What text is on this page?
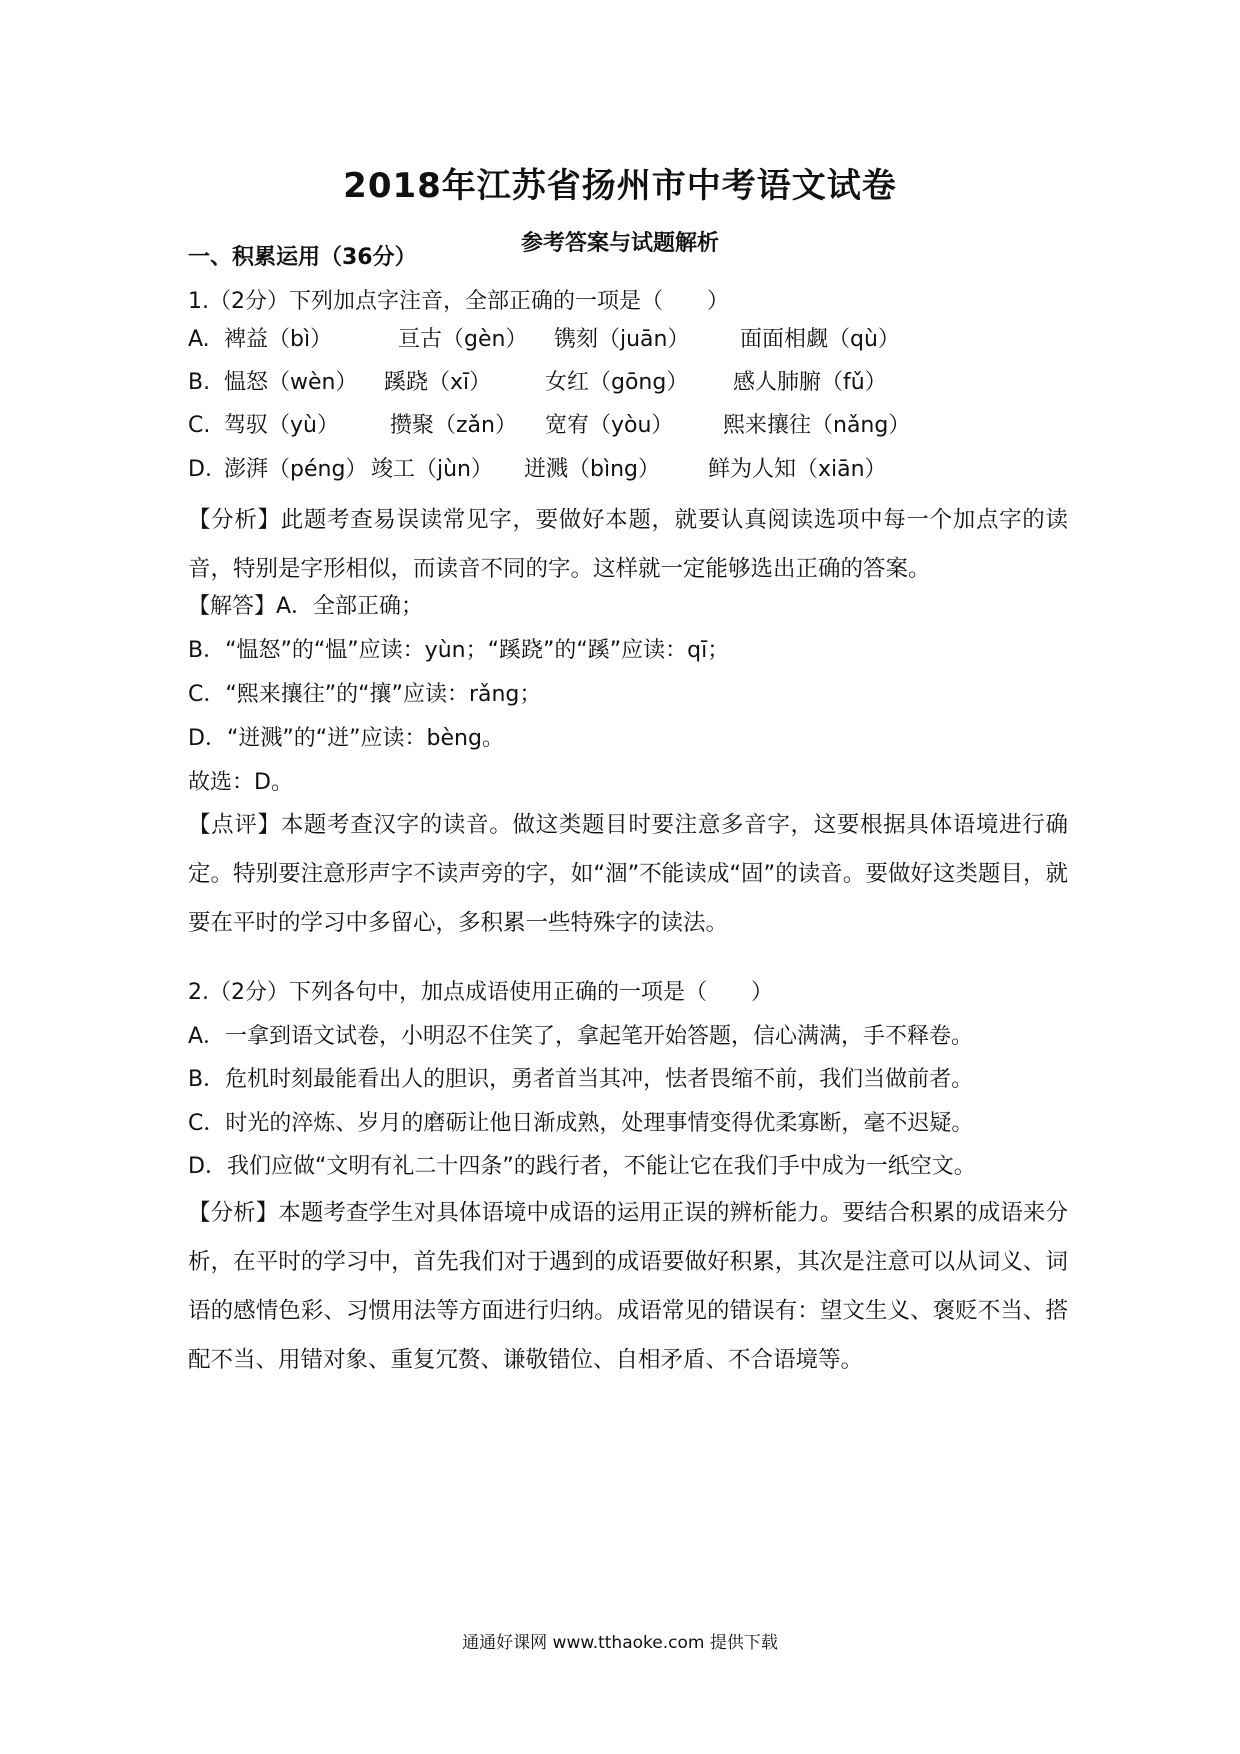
2018年江苏省扬州市中考语文试卷
参考答案与试题解析
一、积累运用（36分）
1.（2分）下列加点字注音，全部正确的一项是（　　）
A. 裨益（bì）	亘古（gèn） 镌刻（juān） 面面相觑（qù）
B. 愠怒（wèn） 蹊跷（xī） 女红（gōng） 感人肺腑（fǔ）
C. 驾驭（yù） 攒聚（zǎn） 宽宥（yòu） 熙来攘往（nǎng）
D. 澎湃（péng） 竣工（jùn） 迸溅（bìng） 鲜为人知（xiān）
【分析】此题考查易误读常见字，要做好本题，就要认真阅读选项中每一个加点字的读音，特别是字形相似，而读音不同的字。这样就一定能够选出正确的答案。
【解答】A．全部正确；
B．“愠怒”的“愠”应读：yùn；“蹊跷”的“蹊”应读：qī；
C．“熙来攘往”的“攘”应读：rǎng；
D．“迸溅”的“迸”应读：bèng。
故选：D。
【点评】本题考查汉字的读音。做这类题目时要注意多音字，这要根据具体语境进行确定。特别要注意形声字不读声旁的字，如“涸”不能读成“固”的读音。要做好这类题目，就要在平时的学习中多留心，多积累一些特殊字的读法。
2.（2分）下列各句中，加点成语使用正确的一项是（　　）
A．一拿到语文试卷，小明忍不住笑了，拿起笔开始答题，信心满满，手不释卷。
B．危机时刻最能看出人的胆识，勇者首当其冲，怯者畏缩不前，我们当做前者。
C．时光的淬炼、岁月的磨砺让他日渐成熟，处理事情变得优柔寡断，毫不迟疑。
D．我们应做“文明有礼二十四条”的践行者，不能让它在我们手中成为一纸空文。
【分析】本题考查学生对具体语境中成语的运用正误的辨析能力。要结合积累的成语来分析，在平时的学习中，首先我们对于遇到的成语要做好积累，其次是注意可以从词义、词语的感情色彩、习惯用法等方面进行归纳。成语常见的错误有：望文生义、褒贬不当、搭配不当、用错对象、重复冗赘、谦敬错位、自相矛盾、不合语境等。
通通好课网 www.tthaoke.com 提供下载
